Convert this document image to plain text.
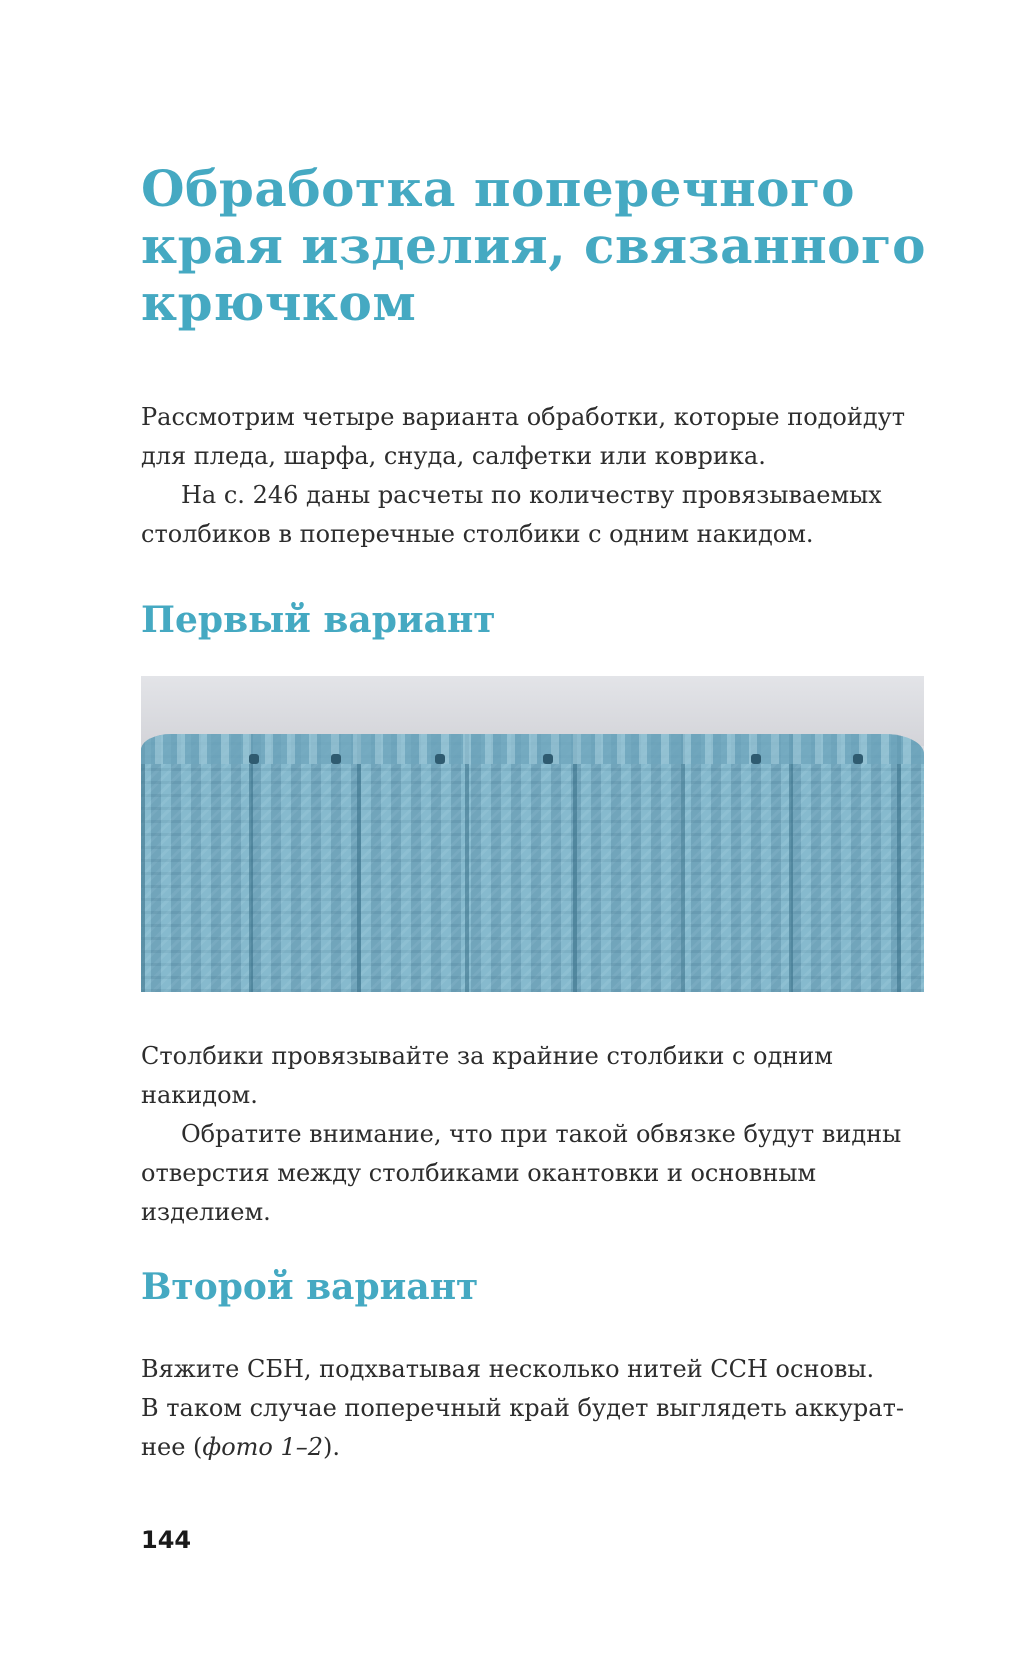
Обработка поперечного
края изделия, связанного
крючком

Рассмотрим четыре варианта обработки, которые подойдут
для пледа, шарфа, снуда, салфетки или коврика.
На с. 246 даны расчеты по количеству провязываемых
столбиков в поперечные столбики с одним накидом.

Первый вариант

Столбики провязывайте за крайние столбики с одним
накидом.
Обратите внимание, что при такой обвязке будут видны
отверстия между столбиками окантовки и основным
изделием.

Второй вариант

Вяжите СБН, подхватывая несколько нитей ССН основы.
В таком случае поперечный край будет выглядеть аккурат-
нее (фото 1–2).

144
